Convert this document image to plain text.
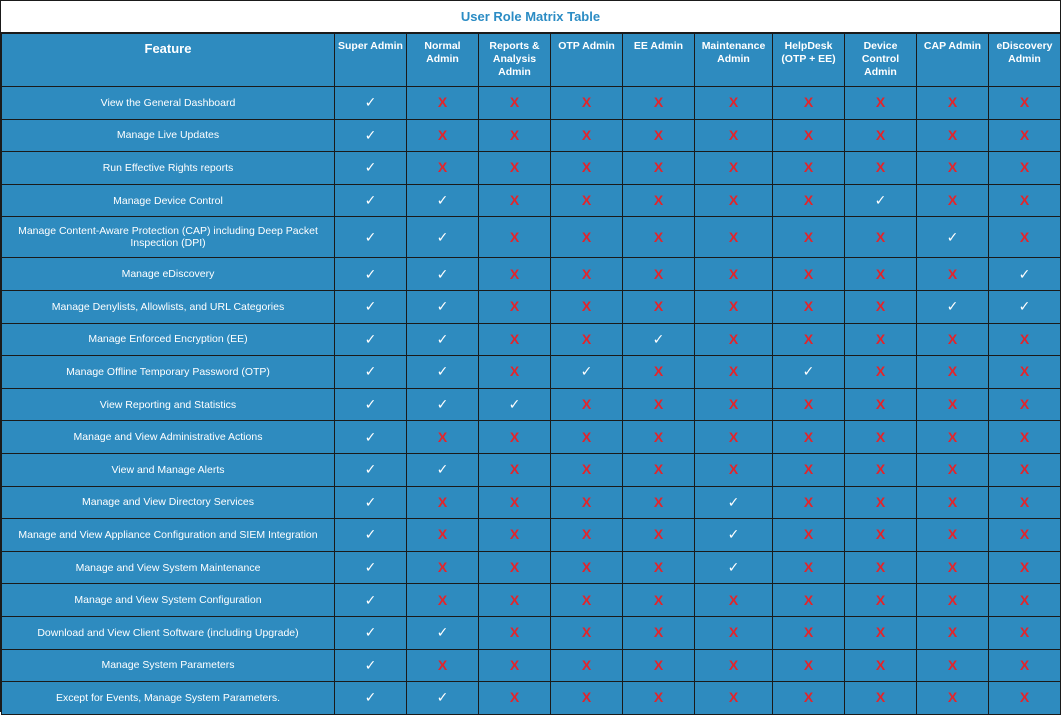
User Role Matrix Table
Feature	Super Admin	Normal Admin	Reports & Analysis Admin	OTP Admin	EE Admin	Maintenance Admin	HelpDesk (OTP + EE)	Device Control Admin	CAP Admin	eDiscovery Admin
View the General Dashboard	✓	X	X	X	X	X	X	X	X	X
Manage Live Updates	✓	X	X	X	X	X	X	X	X	X
Run Effective Rights reports	✓	X	X	X	X	X	X	X	X	X
Manage Device Control	✓	✓	X	X	X	X	X	✓	X	X
Manage Content-Aware Protection (CAP) including Deep Packet Inspection (DPI)	✓	✓	X	X	X	X	X	X	✓	X
Manage eDiscovery	✓	✓	X	X	X	X	X	X	X	✓
Manage Denylists, Allowlists, and URL Categories	✓	✓	X	X	X	X	X	X	✓	✓
Manage Enforced Encryption (EE)	✓	✓	X	X	✓	X	X	X	X	X
Manage Offline Temporary Password (OTP)	✓	✓	X	✓	X	X	✓	X	X	X
View Reporting and Statistics	✓	✓	✓	X	X	X	X	X	X	X
Manage and View Administrative Actions	✓	X	X	X	X	X	X	X	X	X
View and Manage Alerts	✓	✓	X	X	X	X	X	X	X	X
Manage and View Directory Services	✓	X	X	X	X	✓	X	X	X	X
Manage and View Appliance Configuration and SIEM Integration	✓	X	X	X	X	✓	X	X	X	X
Manage and View System Maintenance	✓	X	X	X	X	✓	X	X	X	X
Manage and View System Configuration	✓	X	X	X	X	X	X	X	X	X
Download and View Client Software (including Upgrade)	✓	✓	X	X	X	X	X	X	X	X
Manage System Parameters	✓	X	X	X	X	X	X	X	X	X
Except for Events, Manage System Parameters.	✓	✓	X	X	X	X	X	X	X	X
